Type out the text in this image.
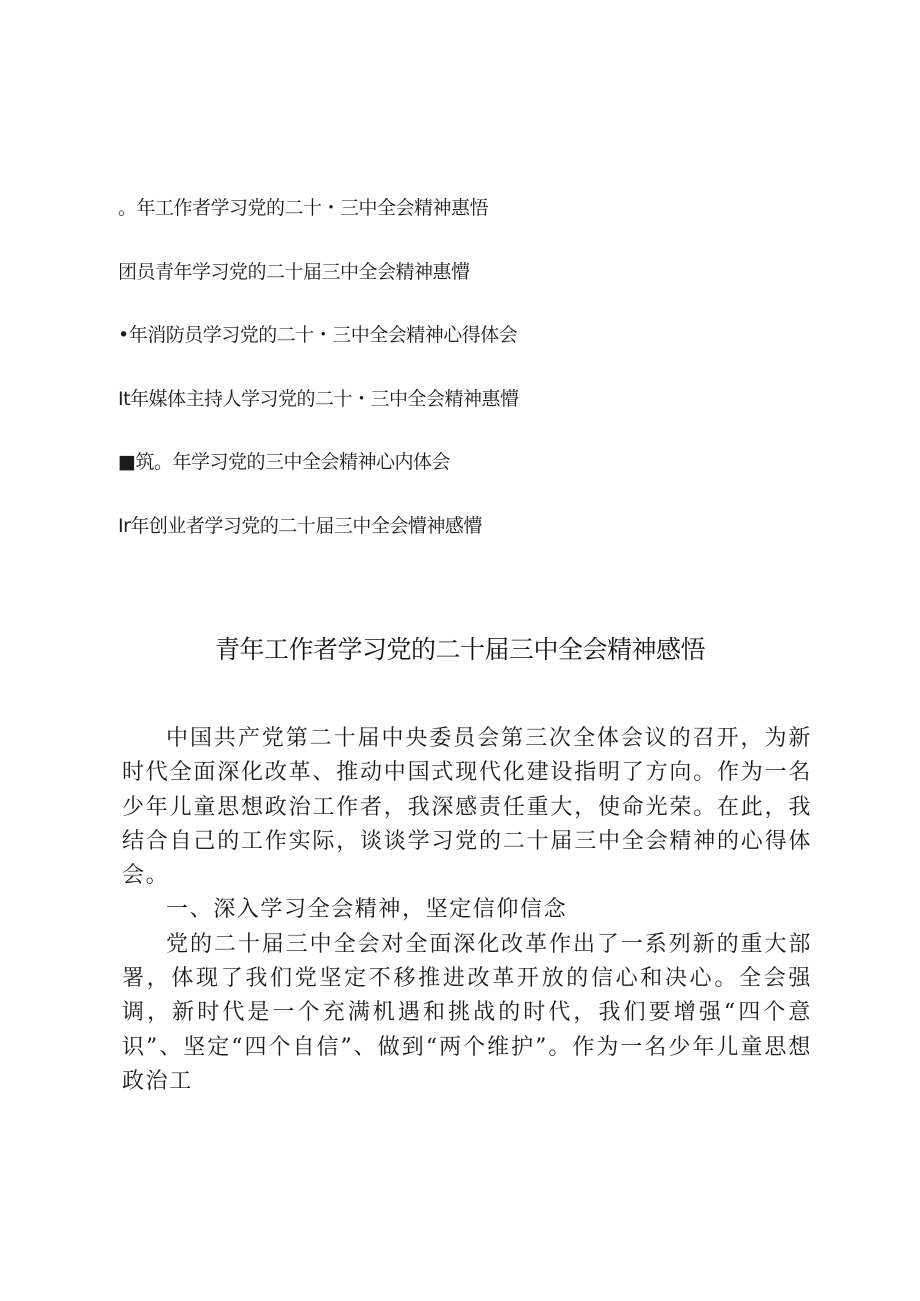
。年工作者学习党的二十・三中全会精神惠悟
团员青年学习党的二十届三中全会精神惠懵
•年消防员学习党的二十・三中全会精神心得体会
It年媒体主持人学习党的二十・三中全会精神惠懵
■筑。年学习党的三中全会精神心内体会
Ir年创业者学习党的二十届三中全会懵神感懵
青年工作者学习党的二十届三中全会精神感悟

中国共产党第二十届中央委员会第三次全体会议的召开，为新时代全面深化改革、推动中国式现代化建设指明了方向。作为一名少年儿童思想政治工作者，我深感责任重大，使命光荣。在此，我结合自己的工作实际，谈谈学习党的二十届三中全会精神的心得体会。

一、深入学习全会精神，坚定信仰信念

党的二十届三中全会对全面深化改革作出了一系列新的重大部署，体现了我们党坚定不移推进改革开放的信心和决心。全会强调，新时代是一个充满机遇和挑战的时代，我们要增强“四个意识”、坚定“四个自信”、做到“两个维护”。作为一名少年儿童思想政治工
